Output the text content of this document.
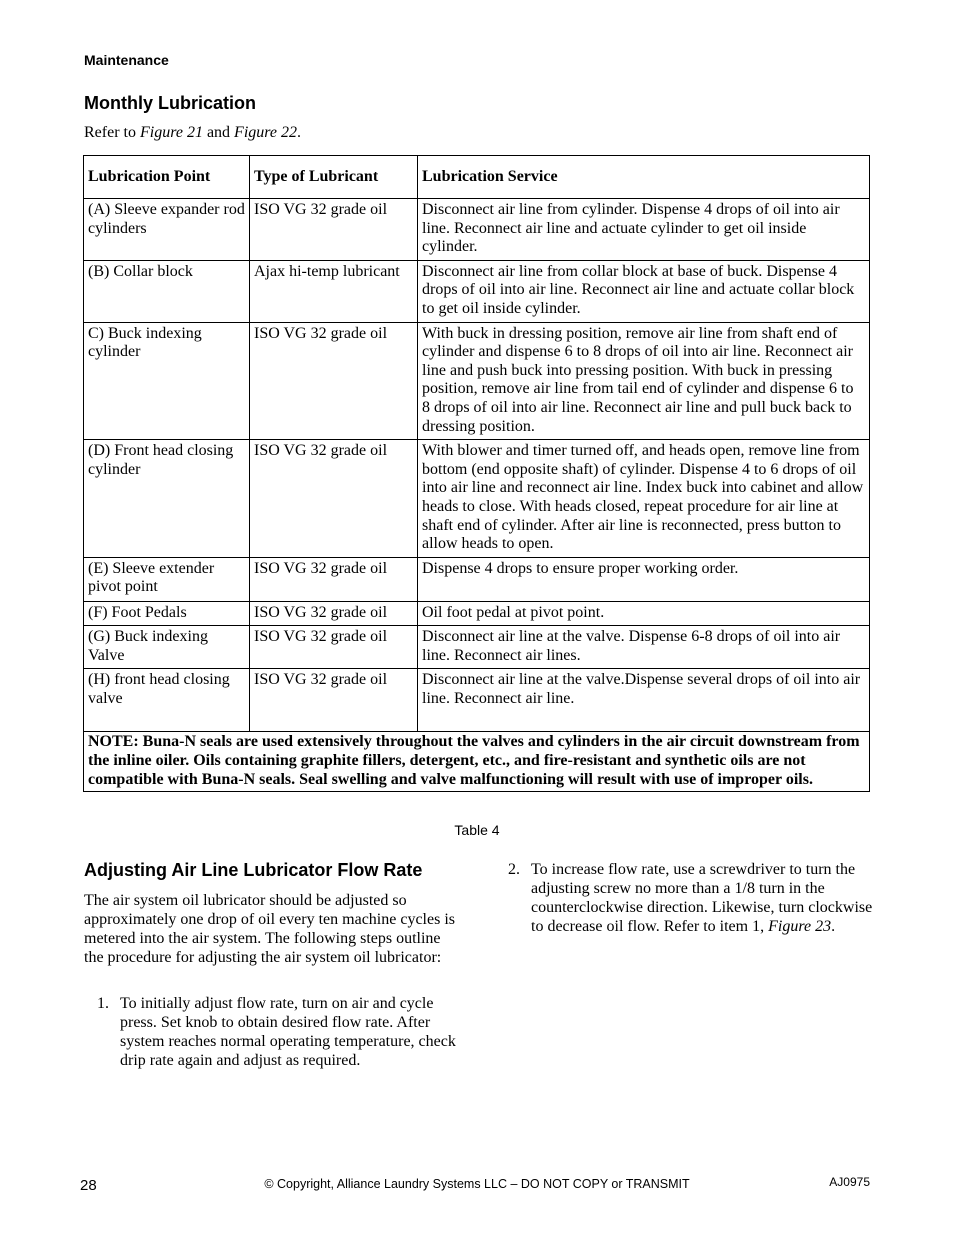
Maintenance
Monthly Lubrication
Refer to Figure 21 and Figure 22.
Lubrication Point	Type of Lubricant	Lubrication Service
(A) Sleeve expander rod cylinders	ISO VG 32 grade oil	Disconnect air line from cylinder. Dispense 4 drops of oil into air line. Reconnect air line and actuate cylinder to get oil inside cylinder.
(B) Collar block	Ajax hi-temp lubricant	Disconnect air line from collar block at base of buck. Dispense 4 drops of oil into air line. Reconnect air line and actuate collar block to get oil inside cylinder.
C) Buck indexing cylinder	ISO VG 32 grade oil	With buck in dressing position, remove air line from shaft end of cylinder and dispense 6 to 8 drops of oil into air line. Reconnect air line and push buck into pressing position. With buck in pressing position, remove air line from tail end of cylinder and dispense 6 to 8 drops of oil into air line. Reconnect air line and pull buck back to dressing position.
(D) Front head closing cylinder	ISO VG 32 grade oil	With blower and timer turned off, and heads open, remove line from bottom (end opposite shaft) of cylinder. Dispense 4 to 6 drops of oil into air line and reconnect air line. Index buck into cabinet and allow heads to close. With heads closed, repeat procedure for air line at shaft end of cylinder. After air line is reconnected, press button to allow heads to open.
(E) Sleeve extender pivot point	ISO VG 32 grade oil	Dispense 4 drops to ensure proper working order.
(F) Foot Pedals	ISO VG 32 grade oil	Oil foot pedal at pivot point.
(G) Buck indexing Valve	ISO VG 32 grade oil	Disconnect air line at the valve. Dispense 6-8 drops of oil into air line. Reconnect air lines.
(H) front head closing valve	ISO VG 32 grade oil	Disconnect air line at the valve.Dispense several drops of oil into air line. Reconnect air line.
NOTE: Buna-N seals are used extensively throughout the valves and cylinders in the air circuit downstream from the inline oiler. Oils containing graphite fillers, detergent, etc., and fire-resistant and synthetic oils are not compatible with Buna-N seals. Seal swelling and valve malfunctioning will result with use of improper oils.		
Table 4
Adjusting Air Line Lubricator Flow Rate

The air system oil lubricator should be adjusted so approximately one drop of oil every ten machine cycles is metered into the air system. The following steps outline the procedure for adjusting the air system oil lubricator:

1. To initially adjust flow rate, turn on air and cycle press. Set knob to obtain desired flow rate. After system reaches normal operating temperature, check drip rate again and adjust as required.
2. To increase flow rate, use a screwdriver to turn the adjusting screw no more than a 1/8 turn in the counterclockwise direction. Likewise, turn clockwise to decrease oil flow. Refer to item 1, Figure 23.
28	© Copyright, Alliance Laundry Systems LLC – DO NOT COPY or TRANSMIT	AJ0975
